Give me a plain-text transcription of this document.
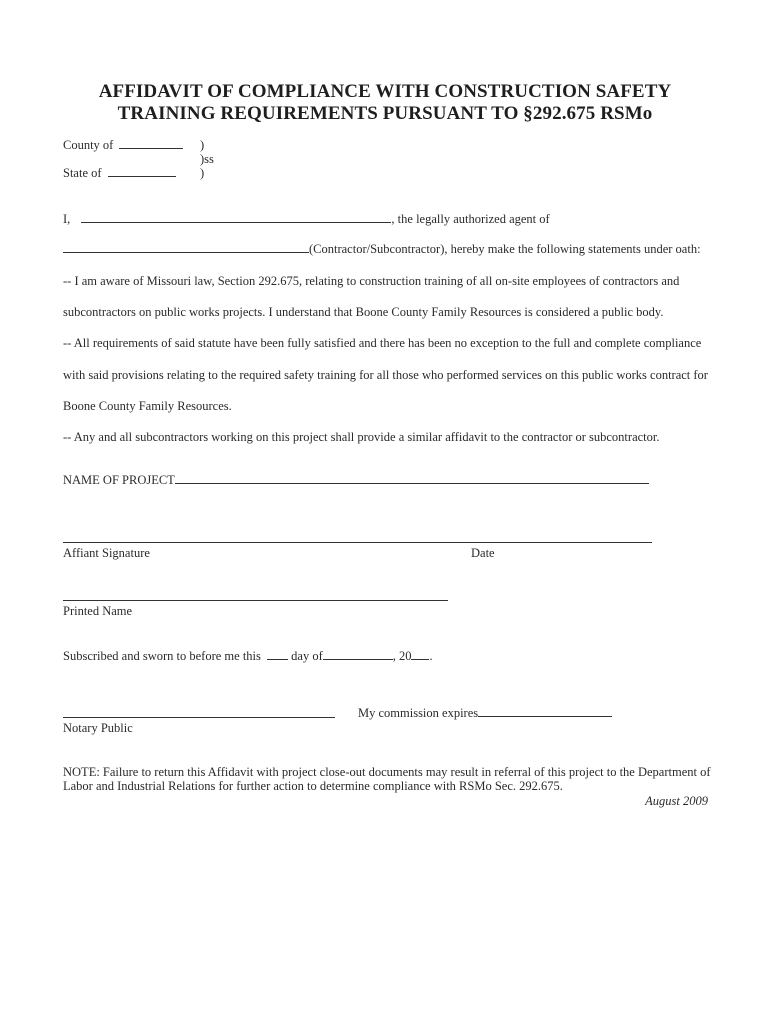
AFFIDAVIT OF COMPLIANCE WITH CONSTRUCTION SAFETY
TRAINING REQUIREMENTS PURSUANT TO §292.675 RSMo
County of	)
)ss
State of	)
I,	, the legally authorized agent of
(Contractor/Subcontractor), hereby make the following statements under oath:
-- I am aware of Missouri law, Section 292.675, relating to construction training of all on-site employees of contractors and
subcontractors on public works projects. I understand that Boone County Family Resources is considered a public body.
-- All requirements of said statute have been fully satisfied and there has been no exception to the full and complete compliance
with said provisions relating to the required safety training for all those who performed services on this public works contract for
Boone County Family Resources.
-- Any and all subcontractors working on this project shall provide a similar affidavit to the contractor or subcontractor.
NAME OF PROJECT
Affiant Signature	Date
Printed Name
Subscribed and sworn to before me this day of	, 20 .
My commission expires
Notary Public
NOTE: Failure to return this Affidavit with project close-out documents may result in referral of this project to the Department of
Labor and Industrial Relations for further action to determine compliance with RSMo Sec. 292.675.
August 2009
